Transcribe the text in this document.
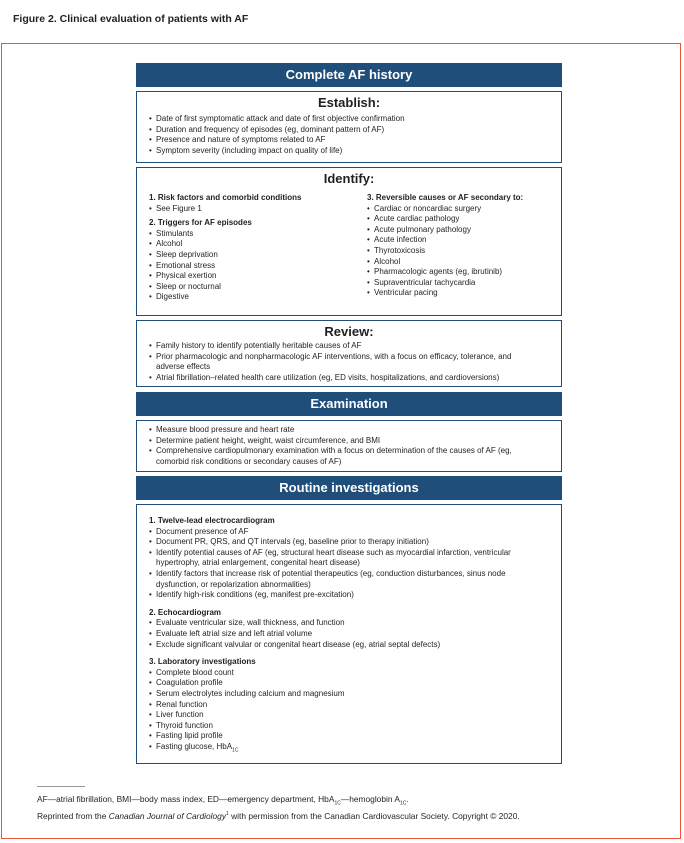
Figure 2. Clinical evaluation of patients with AF
Complete AF history
Establish:
• Date of first symptomatic attack and date of first objective confirmation
• Duration and frequency of episodes (eg, dominant pattern of AF)
• Presence and nature of symptoms related to AF
• Symptom severity (including impact on quality of life)
Identify:
1. Risk factors and comorbid conditions
• See Figure 1
2. Triggers for AF episodes
• Stimulants
• Alcohol
• Sleep deprivation
• Emotional stress
• Physical exertion
• Sleep or nocturnal
• Digestive
3. Reversible causes or AF secondary to:
• Cardiac or noncardiac surgery
• Acute cardiac pathology
• Acute pulmonary pathology
• Acute infection
• Thyrotoxicosis
• Alcohol
• Pharmacologic agents (eg, ibrutinib)
• Supraventricular tachycardia
• Ventricular pacing
Review:
• Family history to identify potentially heritable causes of AF
• Prior pharmacologic and nonpharmacologic AF interventions, with a focus on efficacy, tolerance, and adverse effects
• Atrial fibrillation–related health care utilization (eg, ED visits, hospitalizations, and cardioversions)
Examination
• Measure blood pressure and heart rate
• Determine patient height, weight, waist circumference, and BMI
• Comprehensive cardiopulmonary examination with a focus on determination of the causes of AF (eg, comorbid risk conditions or secondary causes of AF)
Routine investigations
1. Twelve-lead electrocardiogram
• Document presence of AF
• Document PR, QRS, and QT intervals (eg, baseline prior to therapy initiation)
• Identify potential causes of AF (eg, structural heart disease such as myocardial infarction, ventricular hypertrophy, atrial enlargement, congenital heart disease)
• Identify factors that increase risk of potential therapeutics (eg, conduction disturbances, sinus node dysfunction, or repolarization abnormalities)
• Identify high-risk conditions (eg, manifest pre-excitation)
2. Echocardiogram
• Evaluate ventricular size, wall thickness, and function
• Evaluate left atrial size and left atrial volume
• Exclude significant valvular or congenital heart disease (eg, atrial septal defects)
3. Laboratory investigations
• Complete blood count
• Coagulation profile
• Serum electrolytes including calcium and magnesium
• Renal function
• Liver function
• Thyroid function
• Fasting lipid profile
• Fasting glucose, HbA$_{1C}$
AF—atrial fibrillation, BMI—body mass index, ED—emergency department, HbA$_{1C}$—hemoglobin $A_{1C}$.
Reprinted from the Canadian Journal of Cardiology$^1$ with permission from the Canadian Cardiovascular Society. Copyright © 2020.
